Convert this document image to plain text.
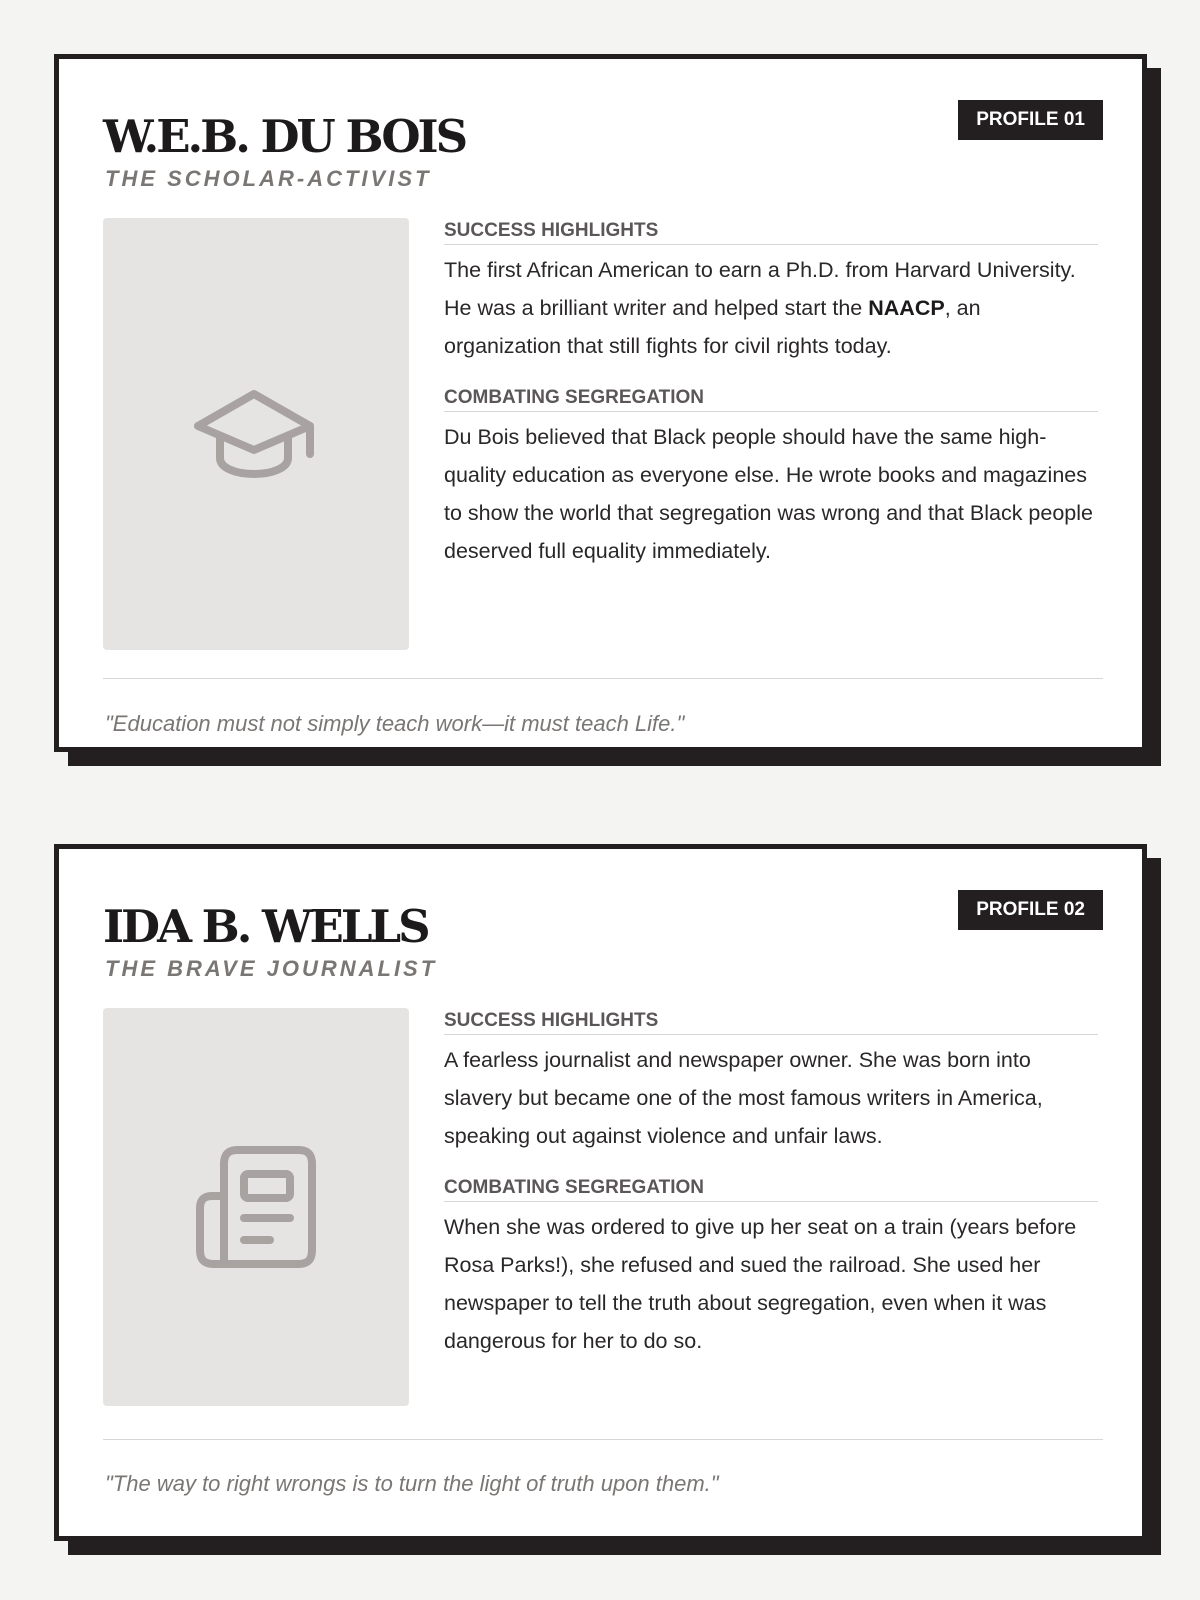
W.E.B. DU BOIS

THE SCHOLAR-ACTIVIST

PROFILE 01
SUCCESS HIGHLIGHTS

The first African American to earn a Ph.D. from Harvard University. He was a brilliant writer and helped start the NAACP, an organization that still fights for civil rights today.

COMBATING SEGREGATION

Du Bois believed that Black people should have the same high-quality education as everyone else. He wrote books and magazines to show the world that segregation was wrong and that Black people deserved full equality immediately.

"Education must not simply teach work—it must teach Life."

IDA B. WELLS

THE BRAVE JOURNALIST

PROFILE 02
SUCCESS HIGHLIGHTS

A fearless journalist and newspaper owner. She was born into slavery but became one of the most famous writers in America, speaking out against violence and unfair laws.

COMBATING SEGREGATION

When she was ordered to give up her seat on a train (years before Rosa Parks!), she refused and sued the railroad. She used her newspaper to tell the truth about segregation, even when it was dangerous for her to do so.

"The way to right wrongs is to turn the light of truth upon them."
